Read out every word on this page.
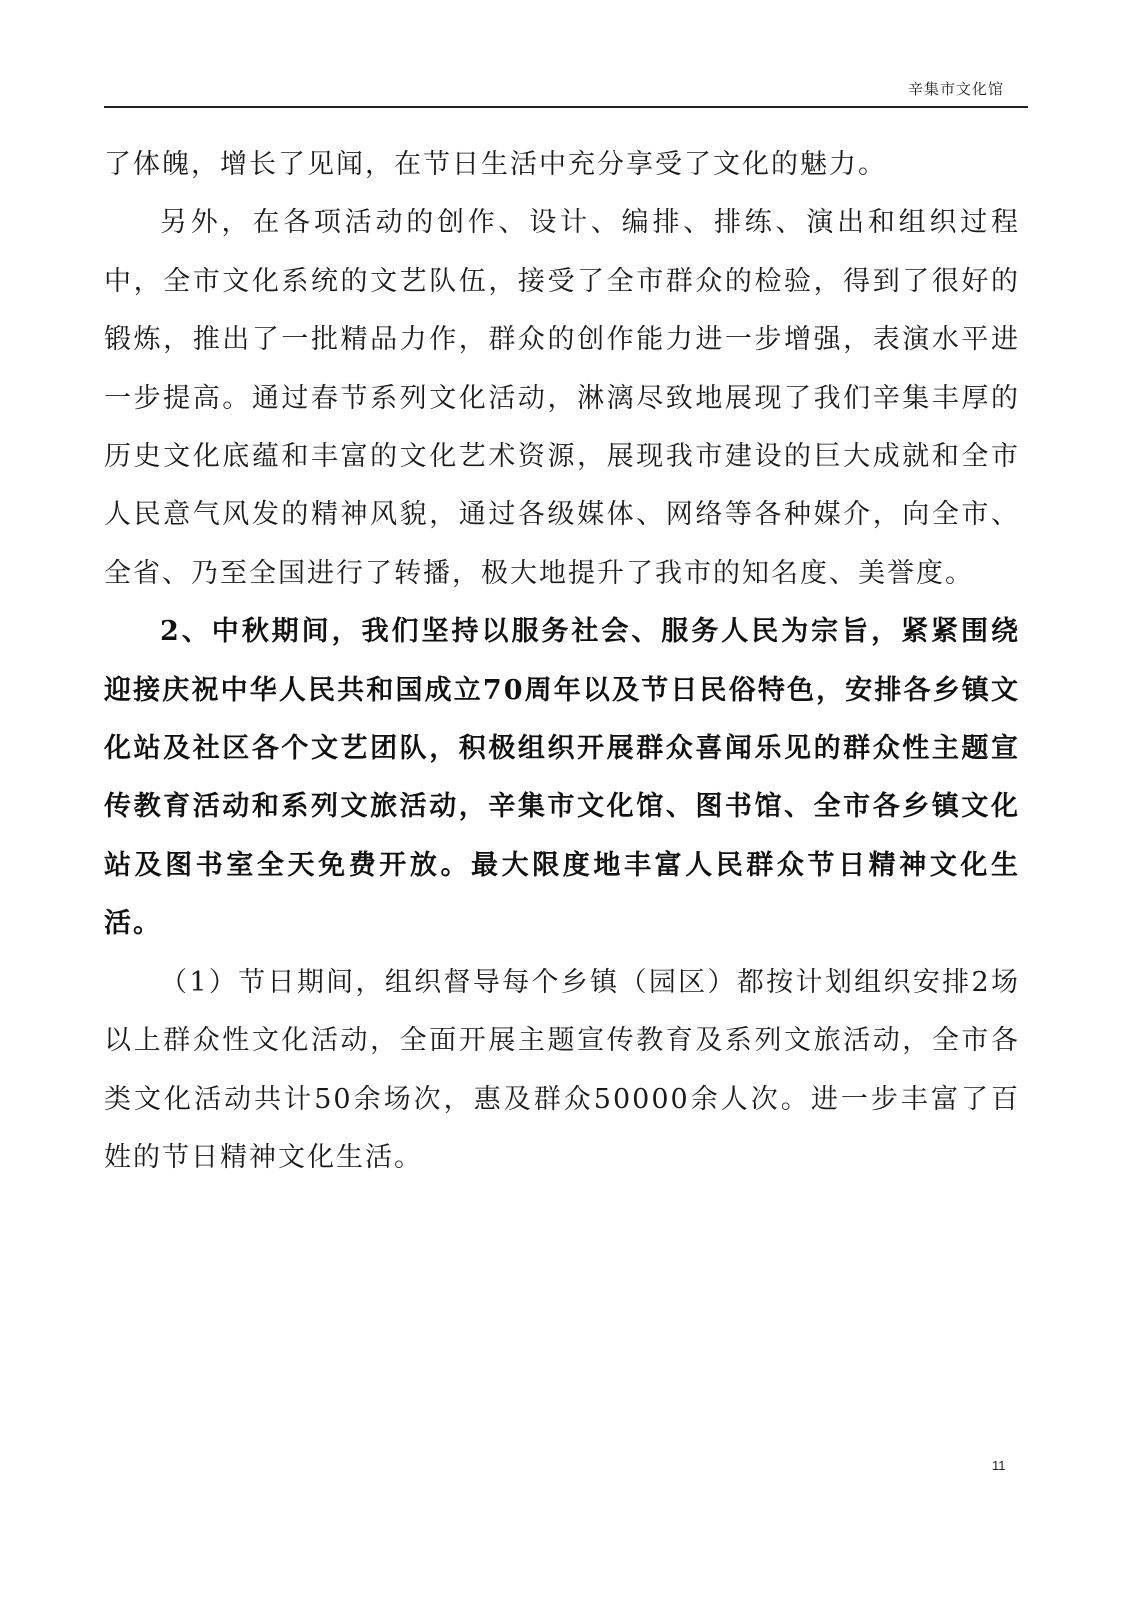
辛集市文化馆

了体魄，增长了见闻，在节日生活中充分享受了文化的魅力。

另外，在各项活动的创作、设计、编排、排练、演出和组织过程中，全市文化系统的文艺队伍，接受了全市群众的检验，得到了很好的锻炼，推出了一批精品力作，群众的创作能力进一步增强，表演水平进一步提高。通过春节系列文化活动，淋漓尽致地展现了我们辛集丰厚的历史文化底蕴和丰富的文化艺术资源，展现我市建设的巨大成就和全市人民意气风发的精神风貌，通过各级媒体、网络等各种媒介，向全市、全省、乃至全国进行了转播，极大地提升了我市的知名度、美誉度。

2、中秋期间，我们坚持以服务社会、服务人民为宗旨，紧紧围绕迎接庆祝中华人民共和国成立70周年以及节日民俗特色，安排各乡镇文化站及社区各个文艺团队，积极组织开展群众喜闻乐见的群众性主题宣传教育活动和系列文旅活动，辛集市文化馆、图书馆、全市各乡镇文化站及图书室全天免费开放。最大限度地丰富人民群众节日精神文化生活。

（1）节日期间，组织督导每个乡镇（园区）都按计划组织安排2场以上群众性文化活动，全面开展主题宣传教育及系列文旅活动，全市各类文化活动共计50余场次，惠及群众50000余人次。进一步丰富了百姓的节日精神文化生活。

11
